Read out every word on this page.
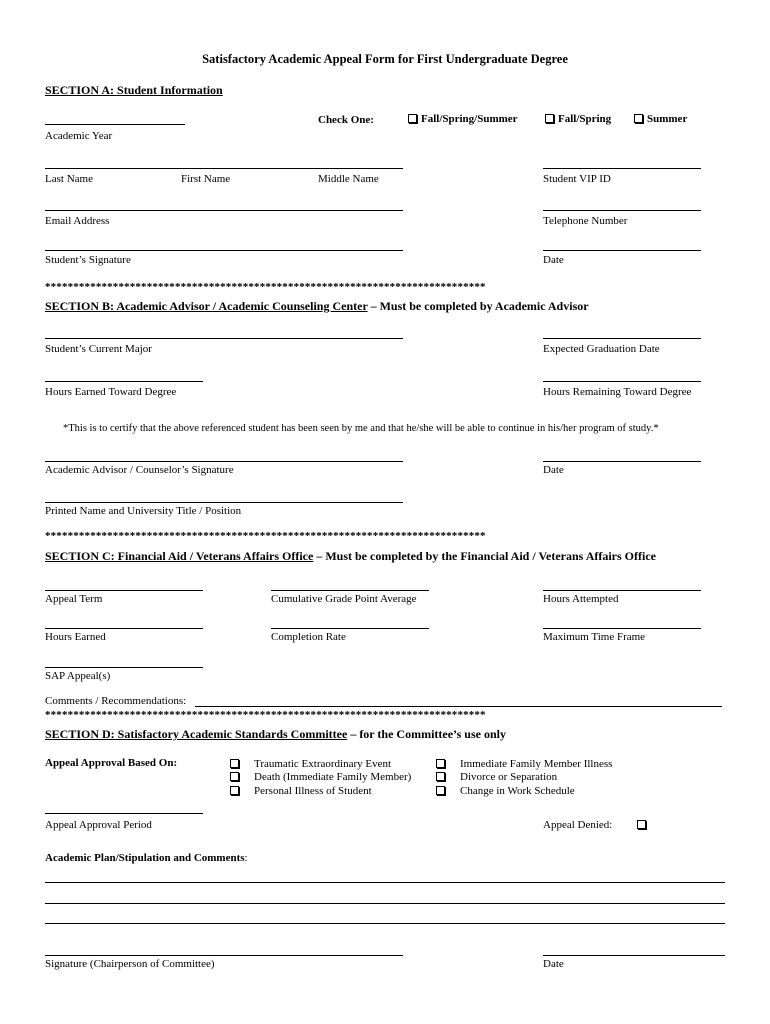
Satisfactory Academic Appeal Form for First Undergraduate Degree
SECTION A: Student Information
Academic Year
Check One:	Fall/Spring/Summer	Fall/Spring	Summer
Last Name	First Name	Middle Name	Student VIP ID
Email Address	Telephone Number
Student’s Signature	Date
******************************************************************************
SECTION B: Academic Advisor / Academic Counseling Center – Must be completed by Academic Advisor
Student’s Current Major	Expected Graduation Date
Hours Earned Toward Degree	Hours Remaining Toward Degree
*This is to certify that the above referenced student has been seen by me and that he/she will be able to continue in his/her program of study.*
Academic Advisor / Counselor’s Signature	Date
Printed Name and University Title / Position
******************************************************************************
SECTION C: Financial Aid / Veterans Affairs Office – Must be completed by the Financial Aid / Veterans Affairs Office
Appeal Term	Cumulative Grade Point Average	Hours Attempted
Hours Earned	Completion Rate	Maximum Time Frame
SAP Appeal(s)
Comments / Recommendations:
******************************************************************************
SECTION D: Satisfactory Academic Standards Committee – for the Committee’s use only
Appeal Approval Based On:	Traumatic Extraordinary Event
Death (Immediate Family Member)
Personal Illness of Student
Immediate Family Member Illness
Divorce or Separation
Change in Work Schedule
Appeal Approval Period	Appeal Denied:
Academic Plan/Stipulation and Comments:
Signature (Chairperson of Committee)	Date
